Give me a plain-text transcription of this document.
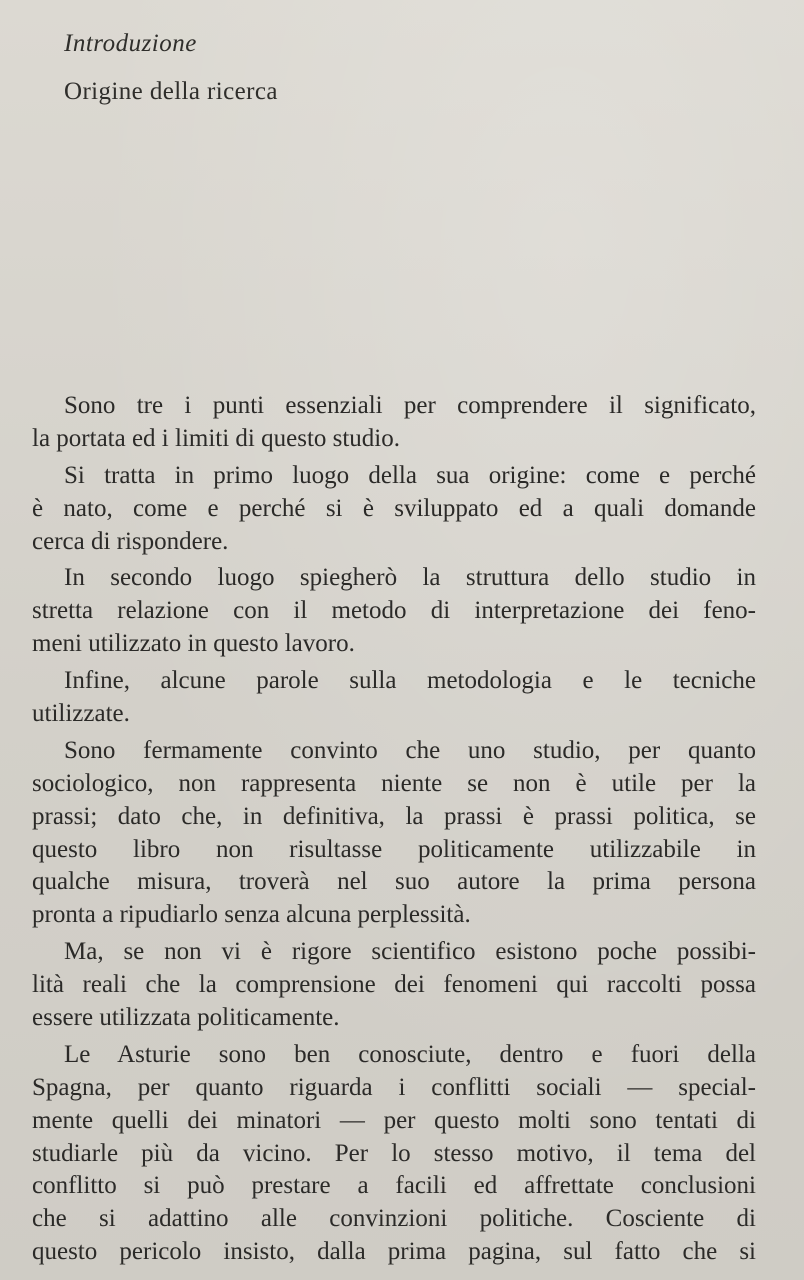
Introduzione
Origine della ricerca
Sono tre i punti essenziali per comprendere il significato,
la portata ed i limiti di questo studio.
Si tratta in primo luogo della sua origine: come e perché
è nato, come e perché si è sviluppato ed a quali domande
cerca di rispondere.
In secondo luogo spiegherò la struttura dello studio in
stretta relazione con il metodo di interpretazione dei feno-
meni utilizzato in questo lavoro.
Infine, alcune parole sulla metodologia e le tecniche
utilizzate.
Sono fermamente convinto che uno studio, per quanto
sociologico, non rappresenta niente se non è utile per la
prassi; dato che, in definitiva, la prassi è prassi politica, se
questo libro non risultasse politicamente utilizzabile in
qualche misura, troverà nel suo autore la prima persona
pronta a ripudiarlo senza alcuna perplessità.
Ma, se non vi è rigore scientifico esistono poche possibi-
lità reali che la comprensione dei fenomeni qui raccolti possa
essere utilizzata politicamente.
Le Asturie sono ben conosciute, dentro e fuori della
Spagna, per quanto riguarda i conflitti sociali — special-
mente quelli dei minatori — per questo molti sono tentati di
studiarle più da vicino. Per lo stesso motivo, il tema del
conflitto si può prestare a facili ed affrettate conclusioni
che si adattino alle convinzioni politiche. Cosciente di
questo pericolo insisto, dalla prima pagina, sul fatto che si
